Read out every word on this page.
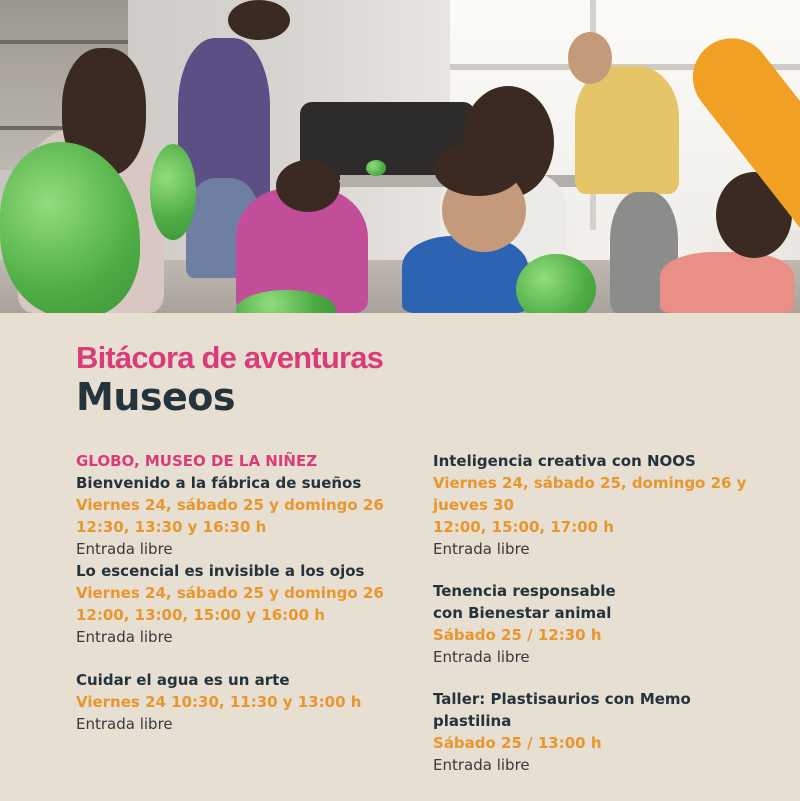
Bitácora de aventuras
Museos
GLOBO, MUSEO DE LA NIÑEZ
Bienvenido a la fábrica de sueños
Viernes 24, sábado 25 y domingo 26
12:30, 13:30 y 16:30 h
Entrada libre
Lo escencial es invisible a los ojos
Viernes 24, sábado 25 y domingo 26
12:00, 13:00, 15:00 y 16:00 h
Entrada libre
Cuidar el agua es un arte
Viernes 24 10:30, 11:30 y 13:00 h
Entrada libre
Inteligencia creativa con NOOS
Viernes 24, sábado 25, domingo 26 y
jueves 30
12:00, 15:00, 17:00 h
Entrada libre
Tenencia responsable
con Bienestar animal
Sábado 25 / 12:30 h
Entrada libre
Taller: Plastisaurios con Memo
plastilina
Sábado 25 / 13:00 h
Entrada libre
